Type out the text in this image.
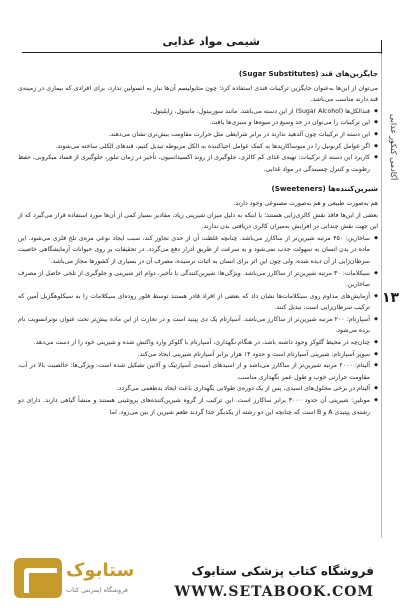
شیمی مواد غذایی
آکادمی کنکور غذایی
۱۳

جایگزین‌های قند (Sugar Substitutes)

می‌توان از این‌ها به‌عنوان جایگزین ترکیبات قندی استفاده کرد؛ چون متابولیسم آن‌ها نیاز به انسولین ندارد، برای افرادی که بیماری در زمینه‌ی قند دارند مناسب می‌باشد.

◆ قندالکل‌ها (Sugar Alcohol) از این دسته می‌باشد. مانند سوربیتول، مانیتول، زایلیتول.

◆ این ترکیبات را می‌توان در حد وسیع در میوه‌ها و سبزی‌ها یافت.

◆ این دسته از ترکیبات چون آلدهید ندارند در برابر شرایطی مثل حرارت مقاومت بیش‌تری نشان می‌دهند.

◆ اگر عوامل کربونیل را در منوساکاریدها به کمک عوامل احیاکننده به الکل مربوطه تبدیل کنیم، قندهای الکلی ساخته می‌شوند.

◆ کاربرد این دسته از ترکیبات: تهیه‌ی غذای کم کالری، جلوگیری از روند اکسیداسیون، تأخیر در زمان تبلور، جلوگیری از فساد میکروبی، حفظ رطوبت و کنترل چسبندگی در مواد غذایی.

شیرین‌کننده‌ها (Sweeteners)

هم به‌صورت طبیعی و هم به‌صورت مصنوعی وجود دارند.

بعضی از این‌ها فاقد نقش کالری‌زایی هستند؛ یا اینکه به دلیل میزان شیرینی زیاد، مقادیر بسیار کمی از آن‌ها مورد استفاده قرار می‌گیرد که از این جهت نقش چندانی در افزایش به‌میزان کالری دریافتی بدن ندارند.

◆ ساخارین: ۴۵۰ مرتبه شیرین‌تر از ساکارز می‌باشد. چنانچه غلظت آن از حدی تجاوز کند، سبب ایجاد نوعی مزه‌ی تلخ فلزی می‌شود. این ماده در بدن انسان به سهولت جذب نمی‌شود و به سرعت از طریق ادرار دفع می‌گردد. در تحقیقات بر روی حیوانات آزمایشگاهی خاصیت سرطان‌زایی از آن دیده شده، ولی چون این اثر برای انسان به اثبات نرسیده، مصرف آن در بسیاری از کشورها مجاز می‌باشد.

◆ سیکلامات: ۳۰ مرتبه شیرین‌تر از ساکارز می‌باشد. ویژگی‌ها: شیرین‌کنندگی با تأخیر، دوام اثر شیرینی و جلوگیری از تلخی حاصل از مصرف ساخارین.

◆ آزمایش‌های مداوم روی سیکلامات‌ها نشان داد که بعضی از افراد قادر هستند توسط فلور روده‌ای سیکلامات را به سیکلوهگزیل آمین که ترکیب سرطان‌زایی است، تبدیل کنند.

◆ آسپارتام: ۲۰۰ مرتبه شیرین‌تر از ساکارز می‌باشد. آسپارتام یک دی پپتید است و در تجارت از این ماده بیش‌تر تحت عنوان نوترانسویت نام برده می‌شود.

◆ چنان‌چه در محیط گلوکز وجود داشته باشد، در هنگام نگهداری، آسپارتام با گلوکز وارد واکنش شده و شیرینی خود را از دست می‌دهد.

◆ سوپر آسپارتام: شیرینی آسپارتام است و حدود ۱۴ هزار برابر آسپارتام شیرینی ایجاد می‌کند.

◆ آلیتام: ۲۰۰۰ مرتبه شیرین‌تر از ساکارز می‌باشد و از اسیدهای آمینه‌ی آسپارتیک و آلانین تشکیل شده است. ویژگی‌ها: خالصیت بالا در آب، مقاومت حرارتی خوب و طول عمر نگهداری مناسب.

◆ آلیتام در برخی محلول‌های اسیدی، پس از یک دوره‌ی طولانی نگهداری باعث ایجاد بدطعمی می‌گردد.

◆ مونلین: شیرینی آن حدود ۳۰۰۰ برابر ساکارز است. این ترکیب از گروه شیرین‌کننده‌های پروتئینی هستند و منشأ گیاهی دارند. دارای دو رشته‌ی پپتیدی A و B است که چنانچه این دو رشته از یکدیگر جدا گردند طعم شیرین از بین می‌رود. اما

ستابوک
فروشگاه اینترنتی کتاب
فروشگاه کتاب پزشکی ستابوک
WWW.SETABOOK.COM
